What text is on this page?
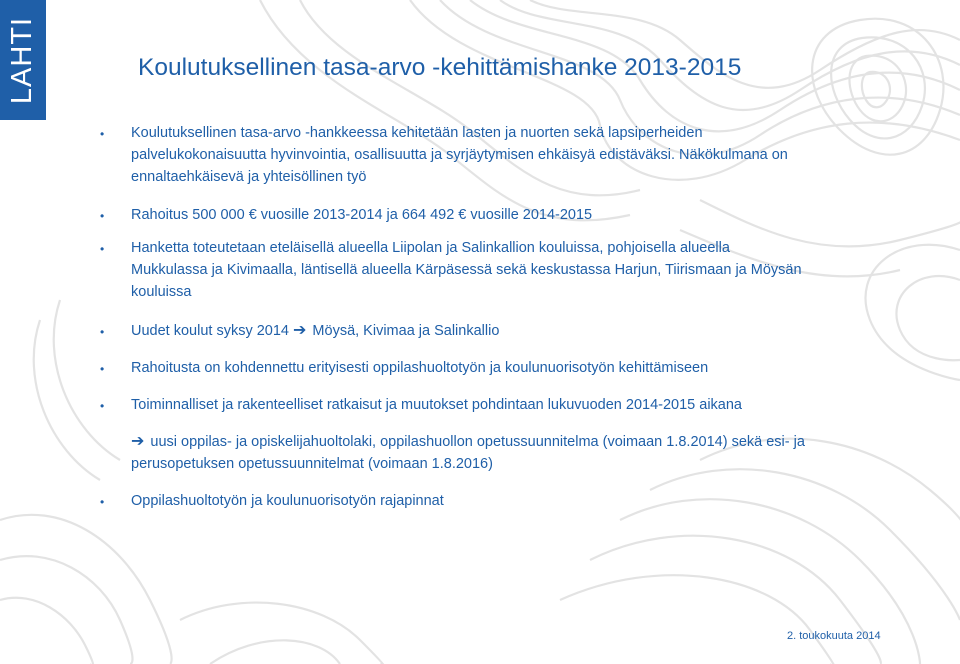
LAHTI	Koulutuksellinen tasa-arvo -kehittämishanke 2013-2015
• Koulutuksellinen tasa-arvo -hankkeessa kehitetään lasten ja nuorten sekä lapsiperheiden
palvelukokonaisuutta hyvinvointia, osallisuutta ja syrjäytymisen ehkäisyä edistäväksi. Näkökulmana on
ennaltaehkäisevä ja yhteisöllinen työ
• Rahoitus 500 000 € vuosille 2013-2014 ja 664 492 € vuosille 2014-2015
• Hanketta toteutetaan eteläisellä alueella Liipolan ja Salinkallion kouluissa, pohjoisella alueella
Mukkulassa ja Kivimaalla, läntisellä alueella Kärpäsessä sekä keskustassa Harjun, Tiirismaan ja Möysän
kouluissa
• Uudet koulut syksy 2014 ➔ Möysä, Kivimaa ja Salinkallio
• Rahoitusta on kohdennettu erityisesti oppilashuoltotyön ja koulunuorisotyön kehittämiseen
• Toiminnalliset ja rakenteelliset ratkaisut ja muutokset pohdintaan lukuvuoden 2014-2015 aikana
➔ uusi oppilas- ja opiskelijahuoltolaki, oppilashuollon opetussuunnitelma (voimaan 1.8.2014) sekä esi- ja
perusopetuksen opetussuunnitelmat (voimaan 1.8.2016)
• Oppilashuoltotyön ja koulunuorisotyön rajapinnat
2. toukokuuta 2014
